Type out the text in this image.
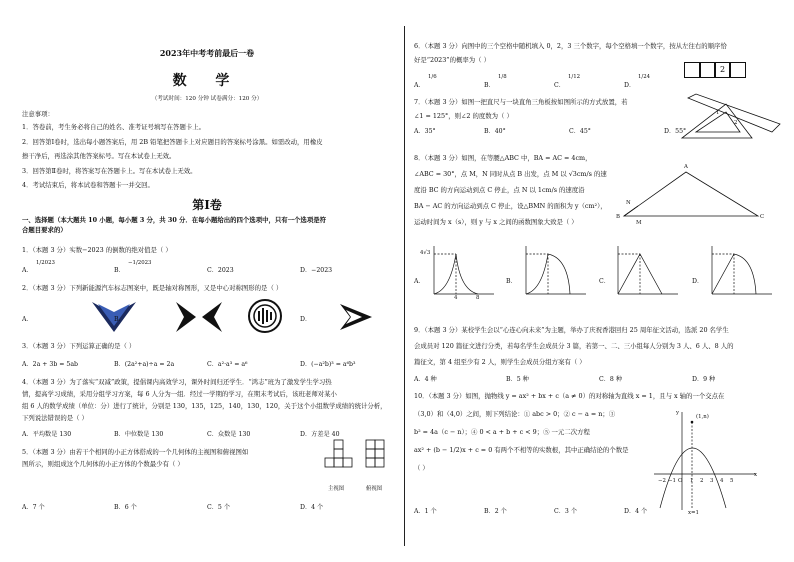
2023年中考考前最后一卷
数 学
（考试时间：120 分钟 试卷满分：120 分）
注意事项：
1．答卷前，考生务必将自己的姓名、准考证号填写在答题卡上。
2．回答第Ⅰ卷时，选出每小题答案后，用 2B 铅笔把答题卡上对应题目的答案标号涂黑。如需改动，用橡皮
擦干净后，再选涂其他答案标号。写在本试卷上无效。
3．回答第Ⅱ卷时，将答案写在答题卡上。写在本试卷上无效。
4．考试结束后，将本试卷和答题卡一并交回。
第Ⅰ卷
一、选择题（本大题共 10 小题，每小题 3 分，共 30 分．在每小题给出的四个选项中，只有一个选项是符
合题目要求的）
1．（本题 3 分）实数−2023 的倒数的绝对值是（ ）
A．
1/2023
B．
−1/2023
C．2023	D．−2023
2．（本题 3 分）下列新能源汽车标志图案中，既是轴对称图形，又是中心对称图形的是（ ）
A．	B．	C．	D．
3．（本题 3 分）下列运算正确的是（ ）
A．2a + 3b = 5ab	B．(2a²+a)÷a = 2a	C．a²·a³ = a⁶	D．(−a²b)³ = a⁶b³
4．（本题 3 分）为了落实“双减”政策，提倡课内高效学习，课外时间归还学生．“鸿志”班为了激发学生学习热
情，提高学习成绩，采用分组学习方案，每 6 人分为一组．经过一学期的学习，在期末考试后，该班老师对某小
组 6 人的数学成绩（单位：分）进行了统计，分别是 130，135，125，140，130，120，关于这个小组数学成绩的统计分析，
下列说法错误的是（ ）
A．平均数是 130	B．中位数是 130	C．众数是 130	D．方差是 40
5．（本题 3 分）由若干个相同的小正方体搭成的一个几何体的主视图和俯视图如
图所示，则组成这个几何体的小正方体的个数最少有（ ）
主视图	俯视图
A．7 个	B．6 个	C．5 个	D．4 个
6．（本题 3 分）向图中的三个空格中随机填入 0，2，3 三个数字，每个空格填一个数字，按从左往右的顺序恰
好是“2023”的概率为（ ）
2
A．
1/6
B．
1/8
C．
1/12
D．
1/24
7．（本题 3 分）如图一把直尺与一块直角三角板按如图所示的方式放置，若
∠1 = 125°，则∠2 的度数为（ ）	1
2
A．35°	B．40°	C．45°	D．55°
8．（本题 3 分）如图，在等腰△ABC 中，BA = AC = 4cm，
∠ABC = 30°，点 M，N 同时从点 B 出发，点 M 以 √3cm/s 的速
度沿 BC 的方向运动到点 C 停止，点 N 以 1cm/s 的速度沿
BA − AC 的方向运动到点 C 停止，设△BMN 的面积为 y（cm²），
运动时间为 x（s），则 y 与 x 之间的函数图象大致是（ ）
A
B	C
N
M
A．	B．	C．	D．
4√3
4	8
9．（本题 3 分）某校学生会以“心连心向未来”为主题，举办了庆祝香港回归 25 周年征文活动，选派 20 名学生
会成员对 120 篇征文进行分类，若每名学生会成员分 3 篇，若第一、二、三小组每人分别为 3 人、6 人、8 人的
篇征文，第 4 组至少有 2 人，则学生会成员分组方案有（ ）
A．4 种	B．5 种	C．8 种	D．9 种
10．（本题 3 分）如图，抛物线 y = ax² + bx + c（a ≠ 0）的对称轴为直线 x = 1，且与 x 轴的一个交点在
（3,0）和（4,0）之间，则下列结论：① abc > 0；② c − a = n；③
b² = 4a（c − n）；④ 0 < a + b + c < 9；⑤ 一元二次方程
ax² + (b − 1/2)x + c = 0 有两个不相等的实数根，其中正确结论的个数是
（ ）
(1,n)
x=1
−2 −1 O 1 2 3 4 5
x
y
A．1 个	B．2 个	C．3 个	D．4 个
